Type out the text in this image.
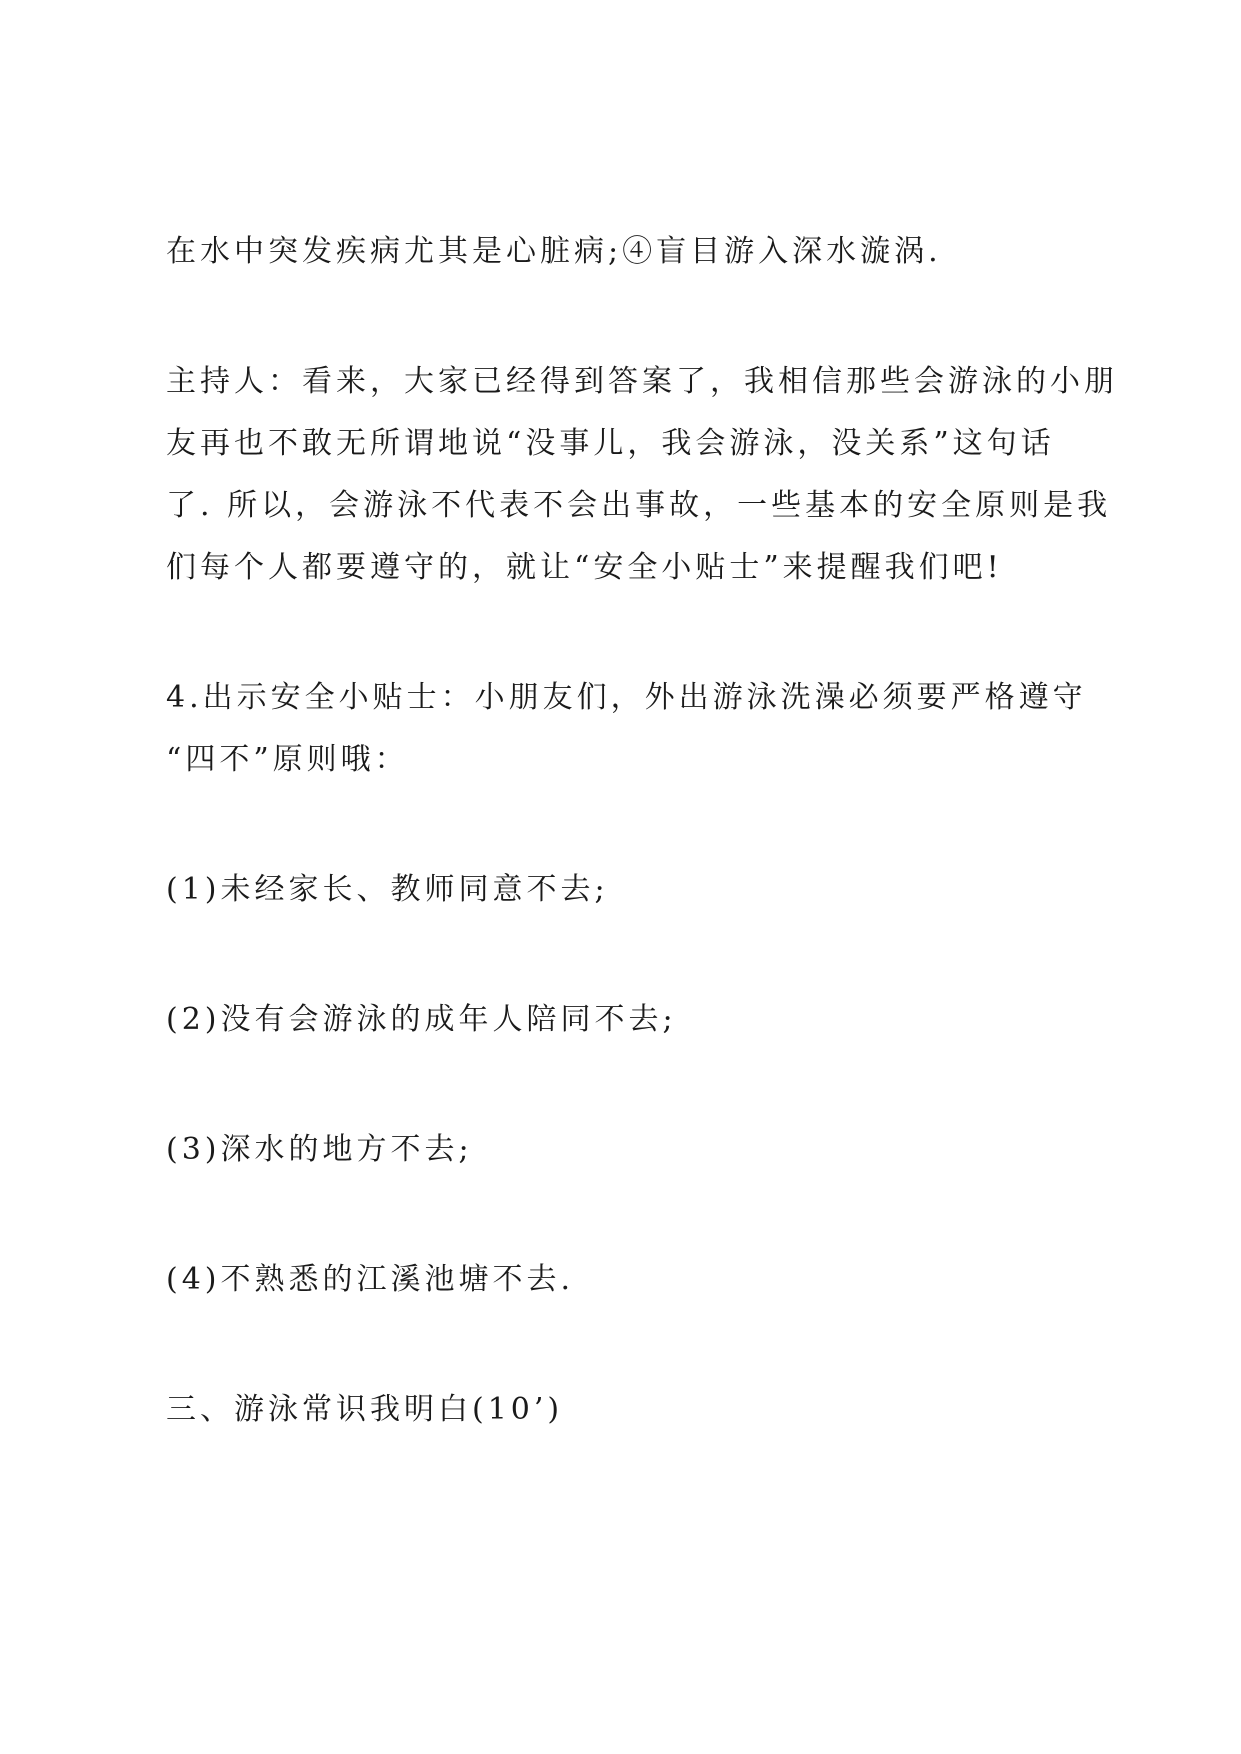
在水中突发疾病尤其是心脏病;④盲目游入深水漩涡.
主持人：看来，大家已经得到答案了，我相信那些会游泳的小朋
友再也不敢无所谓地说“没事儿，我会游泳，没关系”这句话
了. 所以，会游泳不代表不会出事故，一些基本的安全原则是我
们每个人都要遵守的，就让“安全小贴士”来提醒我们吧!
4.出示安全小贴士：小朋友们，外出游泳洗澡必须要严格遵守
“四不”原则哦：
(1)未经家长、教师同意不去;
(2)没有会游泳的成年人陪同不去;
(3)深水的地方不去;
(4)不熟悉的江溪池塘不去.
三、游泳常识我明白(10’)
